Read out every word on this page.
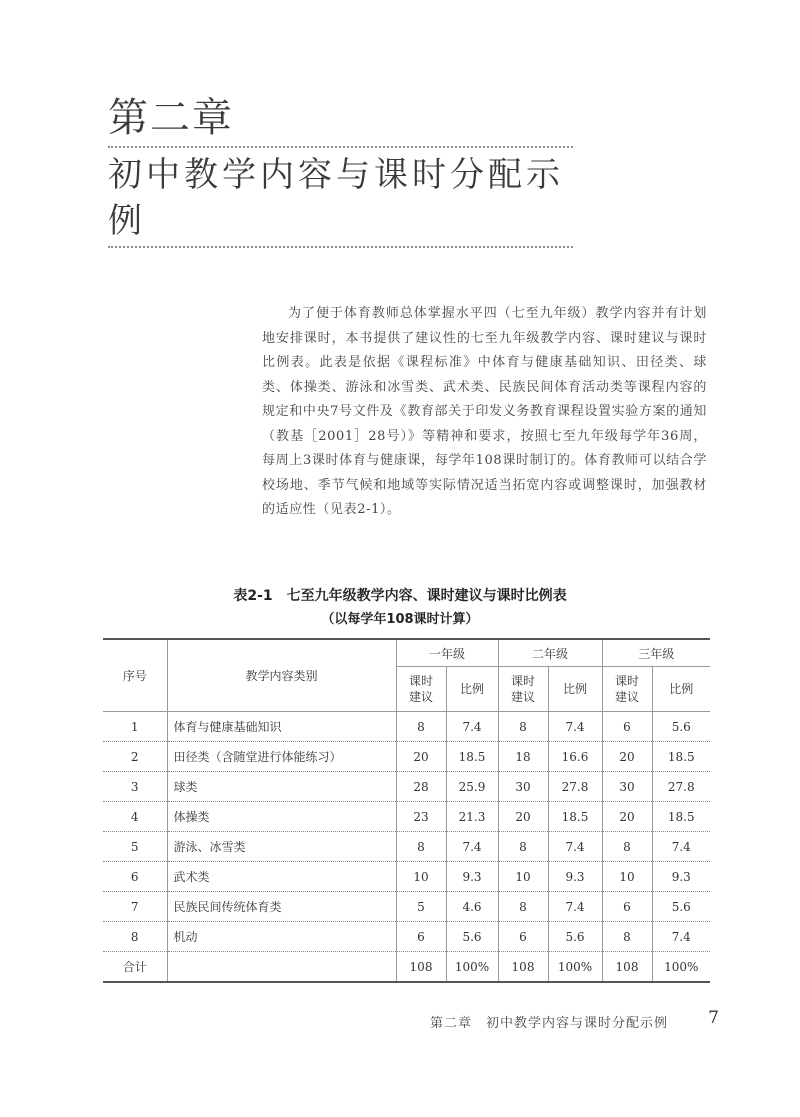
第二章
初中教学内容与课时分配示例

为了便于体育教师总体掌握水平四（七至九年级）教学内容并有计划地安排课时，本书提供了建议性的七至九年级教学内容、课时建议与课时比例表。此表是依据《课程标准》中体育与健康基础知识、田径类、球类、体操类、游泳和冰雪类、武术类、民族民间体育活动类等课程内容的规定和中央7号文件及《教育部关于印发义务教育课程设置实验方案的通知（教基［2001］28号）》等精神和要求，按照七至九年级每学年36周，每周上3课时体育与健康课，每学年108课时制订的。体育教师可以结合学校场地、季节气候和地域等实际情况适当拓宽内容或调整课时，加强教材的适应性（见表2-1）。

表2-1　七至九年级教学内容、课时建议与课时比例表
（以每学年108课时计算）
序号	教学内容类别	一年级		二年级		三年级	
		课时建议	比例	课时建议	比例	课时建议	比例
1	体育与健康基础知识	8	7.4	8	7.4	6	5.6
2	田径类（含随堂进行体能练习）	20	18.5	18	16.6	20	18.5
3	球类	28	25.9	30	27.8	30	27.8
4	体操类	23	21.3	20	18.5	20	18.5
5	游泳、冰雪类	8	7.4	8	7.4	8	7.4
6	武术类	10	9.3	10	9.3	10	9.3
7	民族民间传统体育类	5	4.6	8	7.4	6	5.6
8	机动	6	5.6	6	5.6	8	7.4
合计		108	100%	108	100%	108	100%
第二章　初中教学内容与课时分配示例 7
